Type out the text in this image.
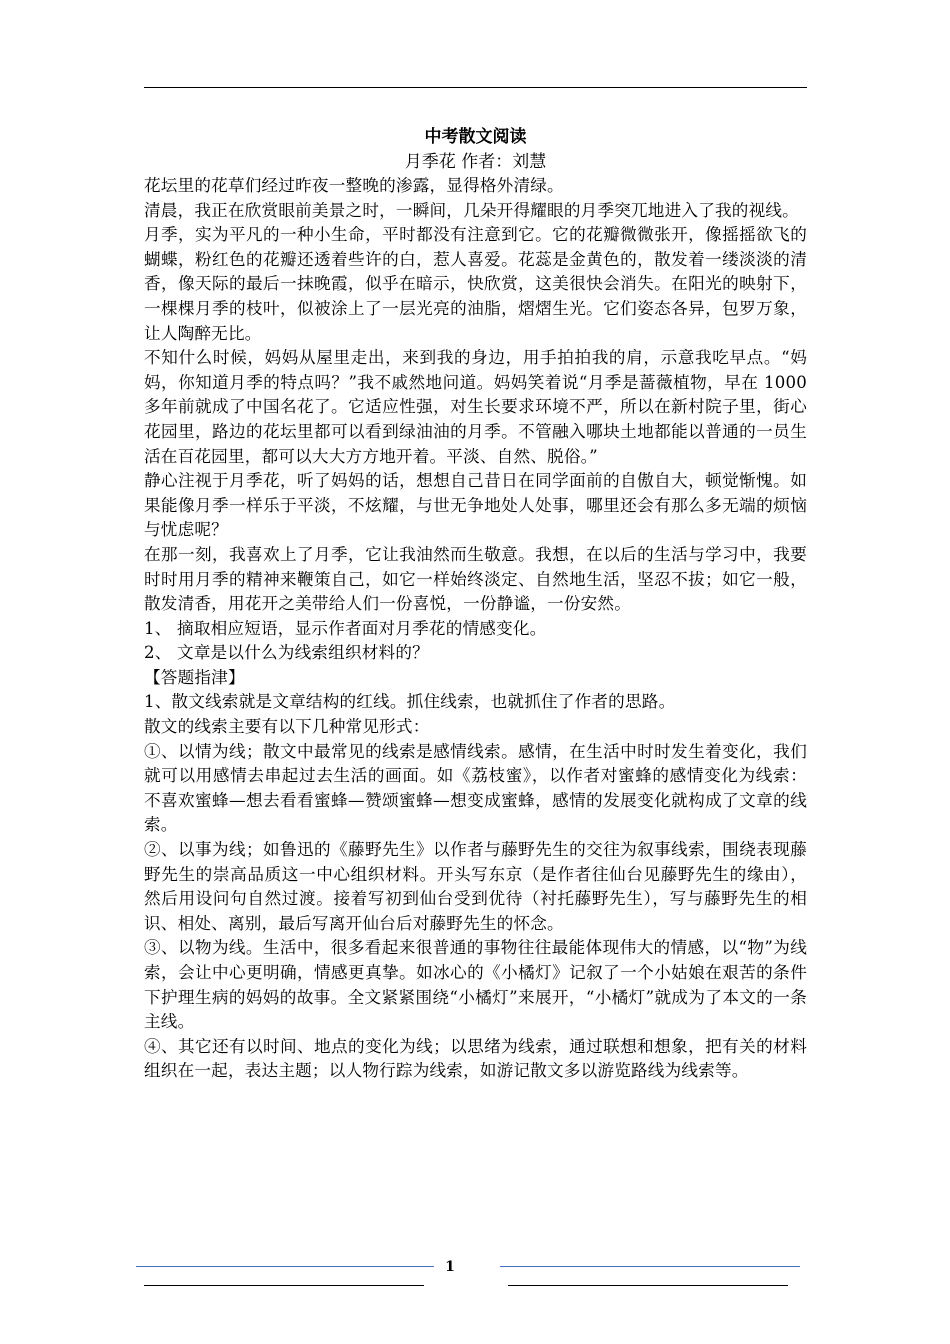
中考散文阅读
月季花 作者：刘慧

花坛里的花草们经过昨夜一整晚的渗露，显得格外清绿。

清晨，我正在欣赏眼前美景之时，一瞬间，几朵开得耀眼的月季突兀地进入了我的视线。

月季，实为平凡的一种小生命，平时都没有注意到它。它的花瓣微微张开，像摇摇欲飞的蝴蝶，粉红色的花瓣还透着些许的白，惹人喜爱。花蕊是金黄色的，散发着一缕淡淡的清香，像天际的最后一抹晚霞，似乎在暗示，快欣赏，这美很快会消失。在阳光的映射下，一棵棵月季的枝叶，似被涂上了一层光亮的油脂，熠熠生光。它们姿态各异，包罗万象，让人陶醉无比。

不知什么时候，妈妈从屋里走出，来到我的身边，用手拍拍我的肩，示意我吃早点。“妈妈，你知道月季的特点吗？”我不戚然地问道。妈妈笑着说“月季是蔷薇植物，早在 1000 多年前就成了中国名花了。它适应性强，对生长要求环境不严，所以在新村院子里，街心花园里，路边的花坛里都可以看到绿油油的月季。不管融入哪块土地都能以普通的一员生活在百花园里，都可以大大方方地开着。平淡、自然、脱俗。”

静心注视于月季花，听了妈妈的话，想想自己昔日在同学面前的自傲自大，顿觉惭愧。如果能像月季一样乐于平淡，不炫耀，与世无争地处人处事，哪里还会有那么多无端的烦恼与忧虑呢？

在那一刻，我喜欢上了月季，它让我油然而生敬意。我想，在以后的生活与学习中，我要时时用月季的精神来鞭策自己，如它一样始终淡定、自然地生活，坚忍不拔；如它一般，散发清香，用花开之美带给人们一份喜悦，一份静谧，一份安然。

1、 摘取相应短语，显示作者面对月季花的情感变化。

2、 文章是以什么为线索组织材料的？

【答题指津】

1、散文线索就是文章结构的红线。抓住线索，也就抓住了作者的思路。

散文的线索主要有以下几种常见形式：

①、以情为线；散文中最常见的线索是感情线索。感情，在生活中时时发生着变化，我们就可以用感情去串起过去生活的画面。如《荔枝蜜》，以作者对蜜蜂的感情变化为线索：不喜欢蜜蜂—想去看看蜜蜂—赞颂蜜蜂—想变成蜜蜂，感情的发展变化就构成了文章的线索。

②、以事为线；如鲁迅的《藤野先生》以作者与藤野先生的交往为叙事线索，围绕表现藤野先生的崇高品质这一中心组织材料。开头写东京（是作者往仙台见藤野先生的缘由），然后用设问句自然过渡。接着写初到仙台受到优待（衬托藤野先生），写与藤野先生的相识、相处、离别，最后写离开仙台后对藤野先生的怀念。

③、以物为线。生活中，很多看起来很普通的事物往往最能体现伟大的情感，以“物”为线索，会让中心更明确，情感更真挚。如冰心的《小橘灯》记叙了一个小姑娘在艰苦的条件下护理生病的妈妈的故事。全文紧紧围绕“小橘灯”来展开，“小橘灯”就成为了本文的一条主线。

④、其它还有以时间、地点的变化为线；以思绪为线索，通过联想和想象，把有关的材料组织在一起，表达主题；以人物行踪为线索，如游记散文多以游览路线为线索等。

1
